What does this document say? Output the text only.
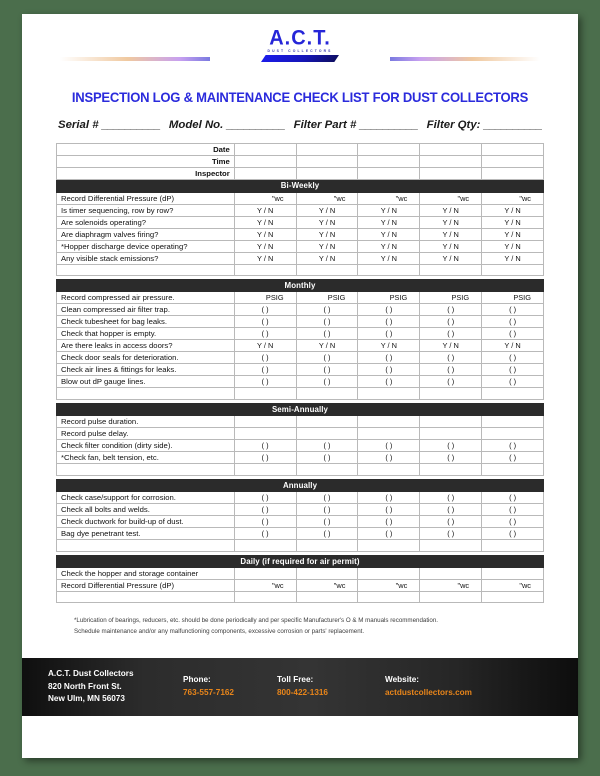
A.C.T.
DUST COLLECTORS
INSPECTION LOG & MAINTENANCE CHECK LIST FOR DUST COLLECTORS
Serial # __________ Model No. __________ Filter Part # __________ Filter Qty: __________
Date					
Time					
Inspector					
Bi-Weekly					
Record Differential Pressure (dP)	"wc	"wc	"wc	"wc	"wc
Is timer sequencing, row by row?	Y / N	Y / N	Y / N	Y / N	Y / N
Are solenoids operating?	Y / N	Y / N	Y / N	Y / N	Y / N
Are diaphragm valves firing?	Y / N	Y / N	Y / N	Y / N	Y / N
*Hopper discharge device operating?	Y / N	Y / N	Y / N	Y / N	Y / N
Any visible stack emissions?	Y / N	Y / N	Y / N	Y / N	Y / N

Monthly					
Record compressed air pressure.	PSIG	PSIG	PSIG	PSIG	PSIG
Clean compressed air filter trap.	( )	( )	( )	( )	( )
Check tubesheet for bag leaks.	( )	( )	( )	( )	( )
Check that hopper is empty.	( )	( )	( )	( )	( )
Are there leaks in access doors?	Y / N	Y / N	Y / N	Y / N	Y / N
Check door seals for deterioration.	( )	( )	( )	( )	( )
Check air lines & fittings for leaks.	( )	( )	( )	( )	( )
Blow out dP gauge lines.	( )	( )	( )	( )	( )

Semi-Annually					
Record pulse duration.					
Record pulse delay.					
Check filter condition (dirty side).	( )	( )	( )	( )	( )
*Check fan, belt tension, etc.	( )	( )	( )	( )	( )

Annually					
Check case/support for corrosion.	( )	( )	( )	( )	( )
Check all bolts and welds.	( )	( )	( )	( )	( )
Check ductwork for build-up of dust.	( )	( )	( )	( )	( )
Bag dye penetrant test.	( )	( )	( )	( )	( )

Daily (if required for air permit)					
Check the hopper and storage container					
Record Differential Pressure (dP)	"wc	"wc	"wc	"wc	"wc

*Lubrication of bearings, reducers, etc. should be done periodically and per specific Manufacturer's O & M manuals recommendation.
Schedule maintenance and/or any malfunctioning components, excessive corrosion or parts' replacement.
A.C.T. Dust Collectors
820 North Front St.
New Ulm, MN 56073
Phone:
763-557-7162
Toll Free:
800-422-1316
Website:
actdustcollectors.com
